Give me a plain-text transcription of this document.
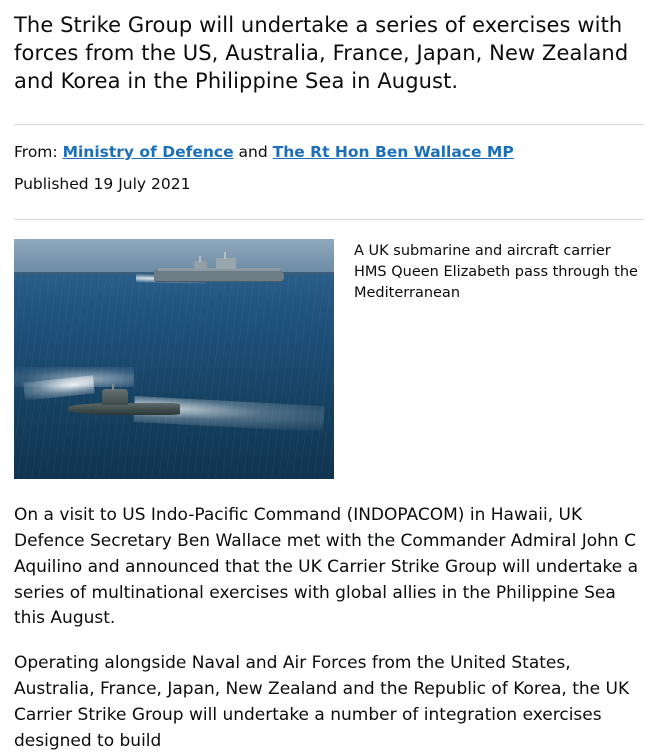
The Strike Group will undertake a series of exercises with forces from the US, Australia, France, Japan, New Zealand and Korea in the Philippine Sea in August.

From: Ministry of Defence and The Rt Hon Ben Wallace MP
Published 19 July 2021
A UK submarine and aircraft carrier HMS Queen Elizabeth pass through the Mediterranean

On a visit to US Indo-Pacific Command (INDOPACOM) in Hawaii, UK Defence Secretary Ben Wallace met with the Commander Admiral John C Aquilino and announced that the UK Carrier Strike Group will undertake a series of multinational exercises with global allies in the Philippine Sea this August.

Operating alongside Naval and Air Forces from the United States, Australia, France, Japan, New Zealand and the Republic of Korea, the UK Carrier Strike Group will undertake a number of integration exercises designed to build
